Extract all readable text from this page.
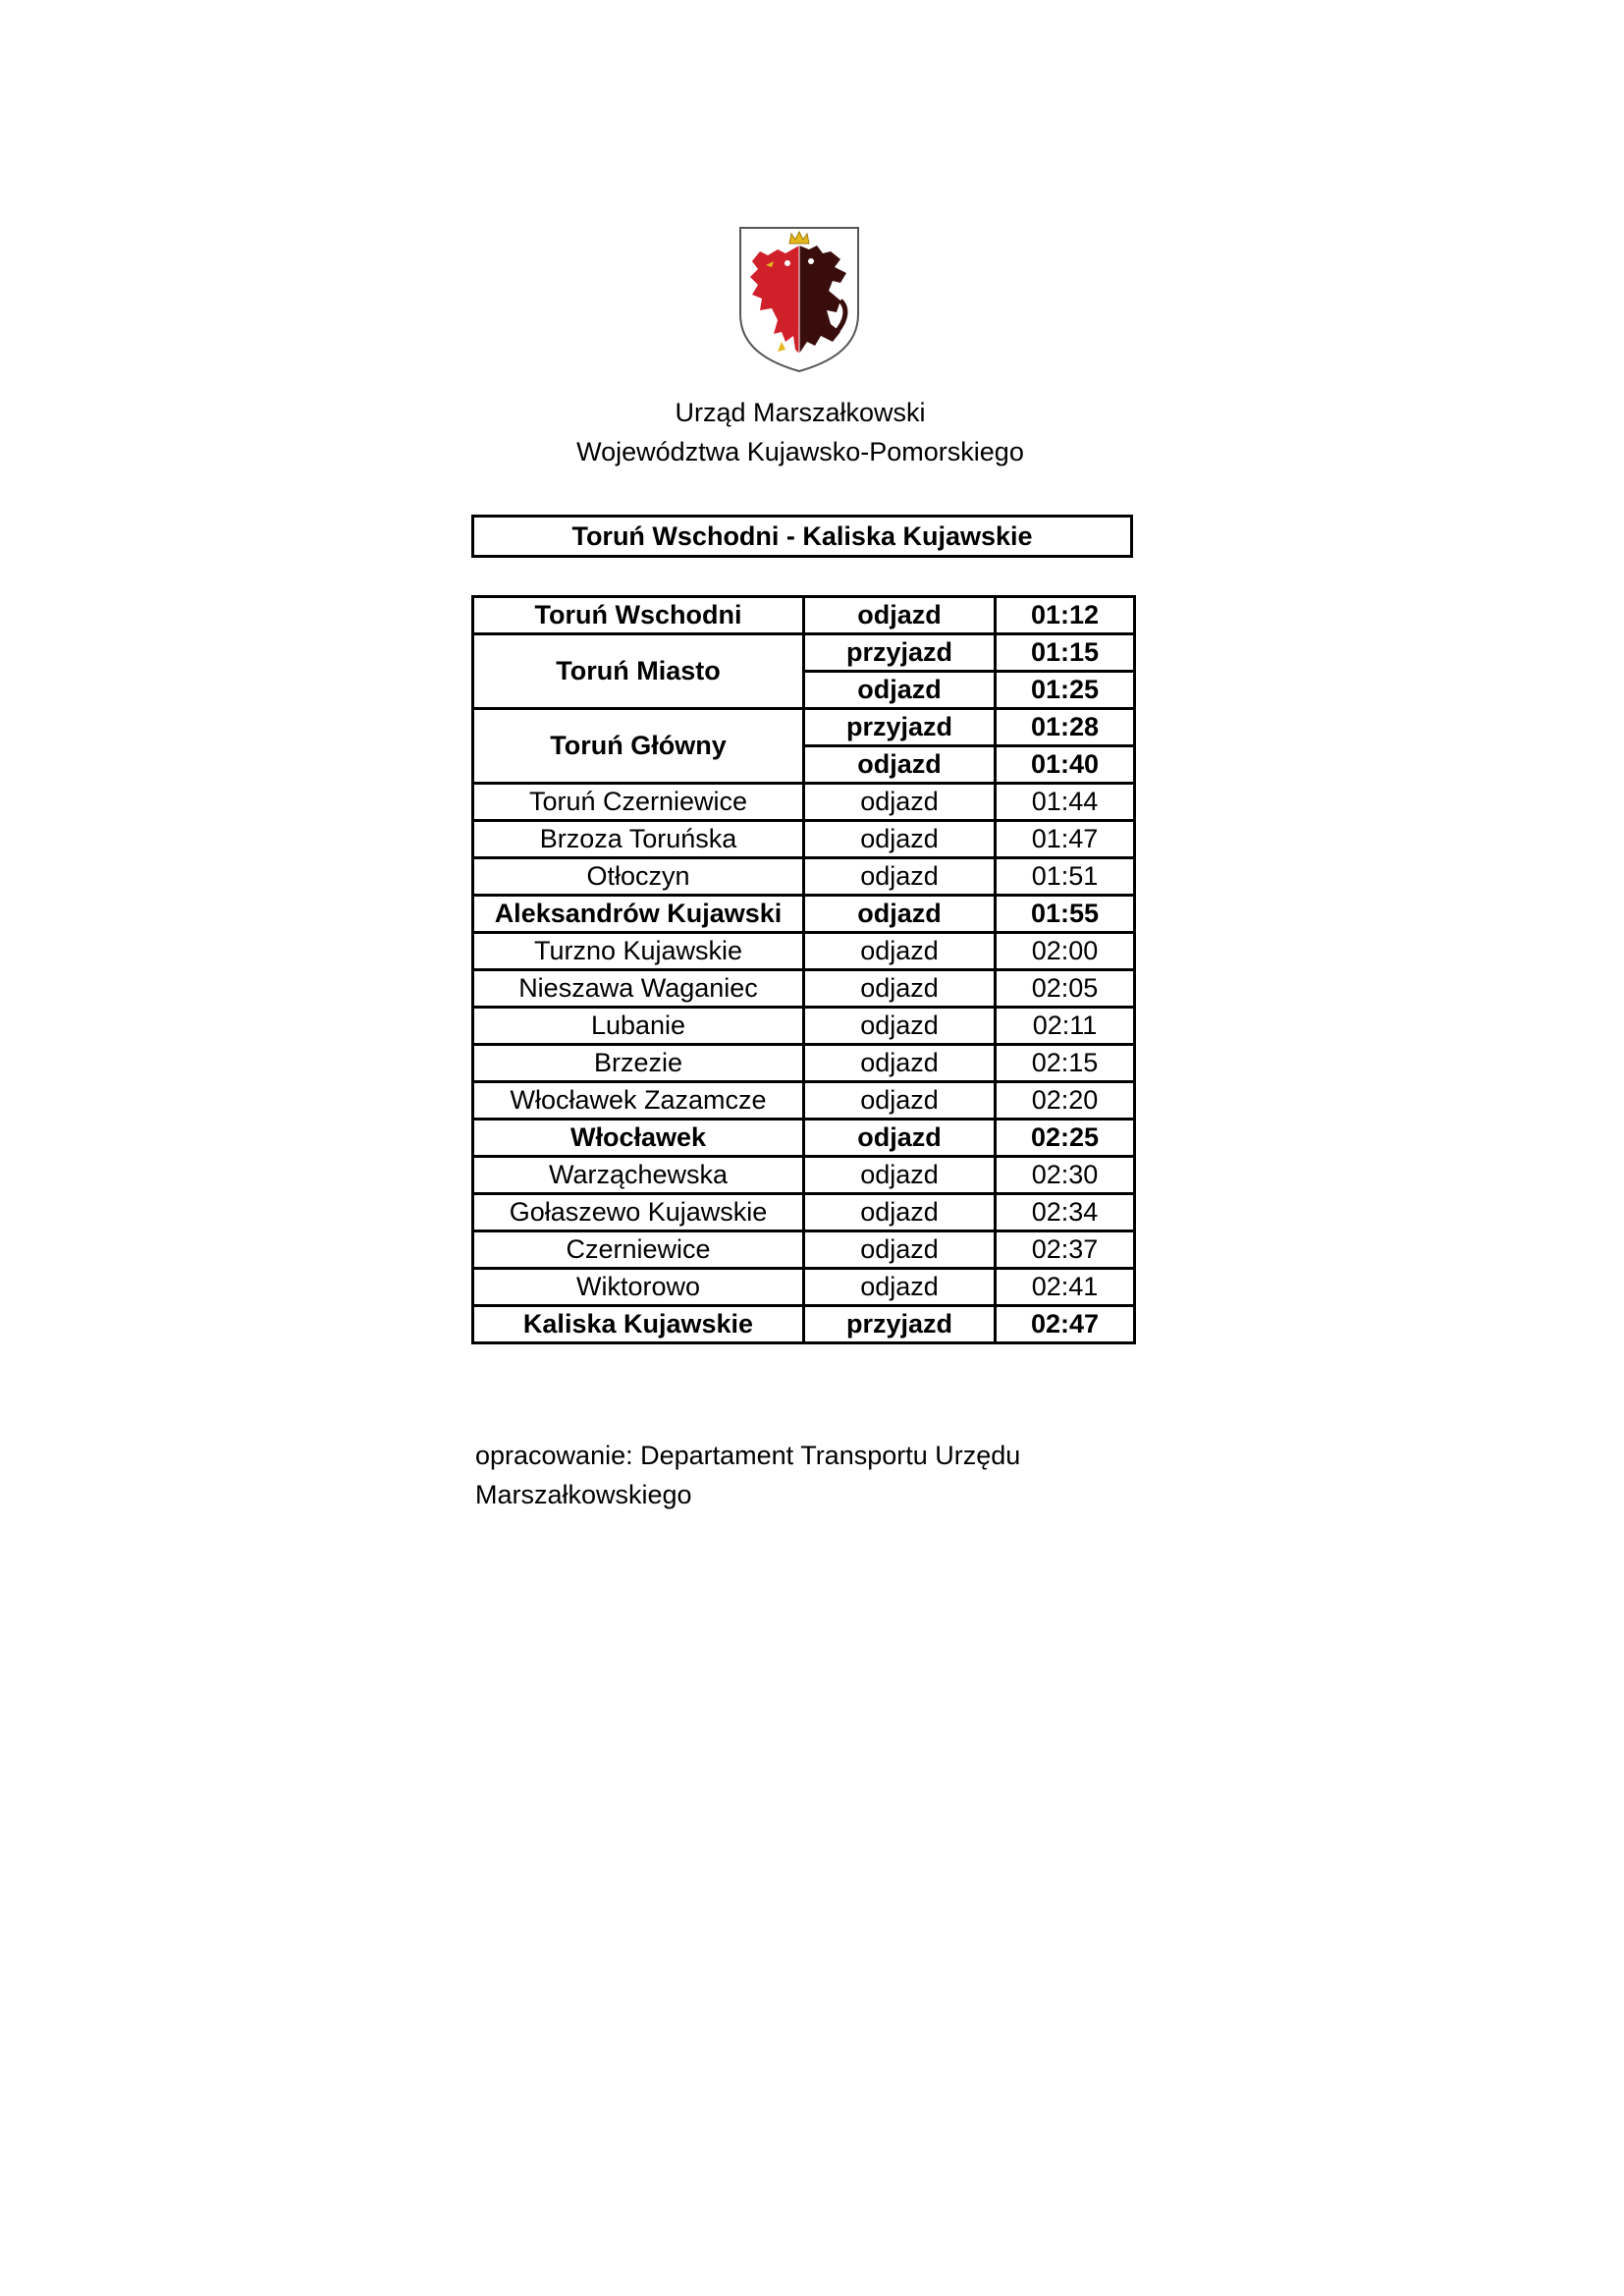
Urząd Marszałkowski
Województwa Kujawsko-Pomorskiego
Toruń Wschodni - Kaliska Kujawskie
Toruń Wschodni	odjazd	01:12
Toruń Miasto	przyjazd	01:15
	odjazd	01:25
Toruń Główny	przyjazd	01:28
	odjazd	01:40
Toruń Czerniewice	odjazd	01:44
Brzoza Toruńska	odjazd	01:47
Otłoczyn	odjazd	01:51
Aleksandrów Kujawski	odjazd	01:55
Turzno Kujawskie	odjazd	02:00
Nieszawa Waganiec	odjazd	02:05
Lubanie	odjazd	02:11
Brzezie	odjazd	02:15
Włocławek Zazamcze	odjazd	02:20
Włocławek	odjazd	02:25
Warząchewska	odjazd	02:30
Gołaszewo Kujawskie	odjazd	02:34
Czerniewice	odjazd	02:37
Wiktorowo	odjazd	02:41
Kaliska Kujawskie	przyjazd	02:47
opracowanie: Departament Transportu Urzędu
Marszałkowskiego
